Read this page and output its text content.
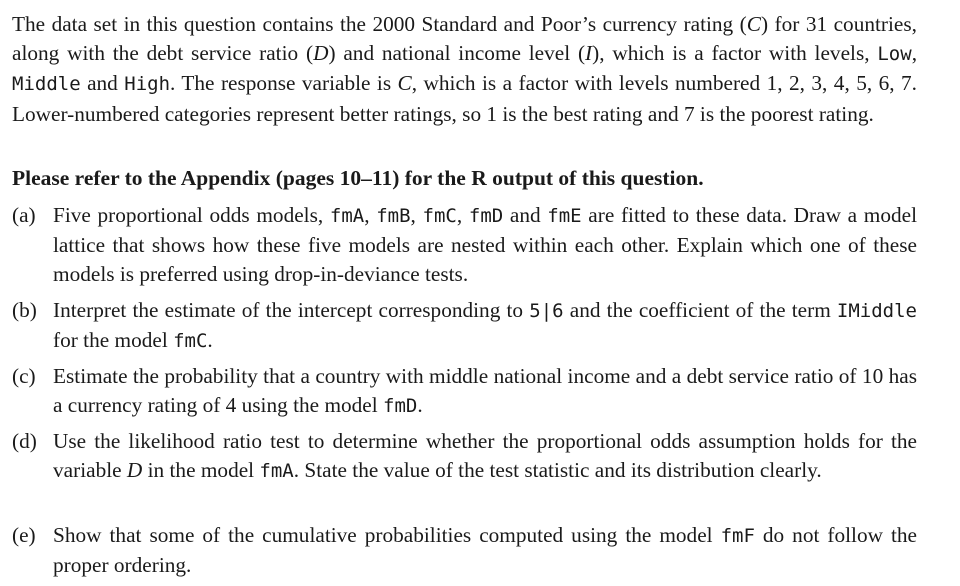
The data set in this question contains the 2000 Standard and Poor’s currency rating (C) for 31 countries, along with the debt service ratio (D) and national income level (I), which is a factor with levels, Low, Middle and High. The response variable is C, which is a factor with levels numbered 1, 2, 3, 4, 5, 6, 7. Lower-numbered categories represent better ratings, so 1 is the best rating and 7 is the poorest rating.
Please refer to the Appendix (pages 10–11) for the R output of this question.
(a) Five proportional odds models, fmA, fmB, fmC, fmD and fmE are fitted to these data. Draw a model lattice that shows how these five models are nested within each other. Explain which one of these models is preferred using drop-in-deviance tests.
(b) Interpret the estimate of the intercept corresponding to 5|6 and the coefficient of the term IMiddle for the model fmC.
(c) Estimate the probability that a country with middle national income and a debt service ratio of 10 has a currency rating of 4 using the model fmD.
(d) Use the likelihood ratio test to determine whether the proportional odds assumption holds for the variable D in the model fmA. State the value of the test statistic and its distribution clearly.
(e) Show that some of the cumulative probabilities computed using the model fmF do not follow the proper ordering.
